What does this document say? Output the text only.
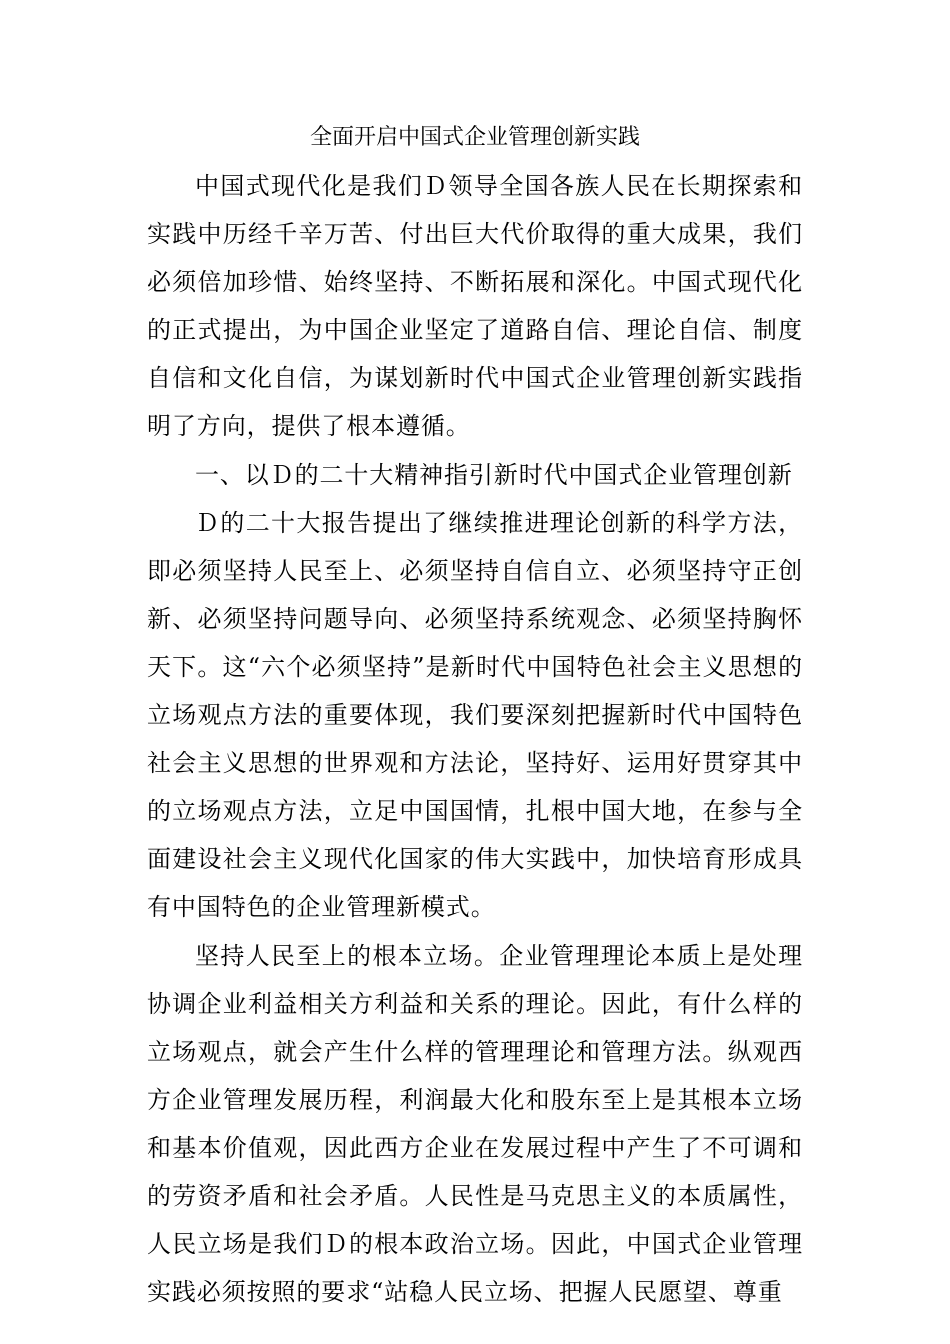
全面开启中国式企业管理创新实践

中国式现代化是我们Ｄ领导全国各族人民在长期探索和实践中历经千辛万苦、付出巨大代价取得的重大成果，我们必须倍加珍惜、始终坚持、不断拓展和深化。中国式现代化的正式提出，为中国企业坚定了道路自信、理论自信、制度自信和文化自信，为谋划新时代中国式企业管理创新实践指明了方向，提供了根本遵循。

一、以Ｄ的二十大精神指引新时代中国式企业管理创新

Ｄ的二十大报告提出了继续推进理论创新的科学方法，即必须坚持人民至上、必须坚持自信自立、必须坚持守正创新、必须坚持问题导向、必须坚持系统观念、必须坚持胸怀天下。这“六个必须坚持”是新时代中国特色社会主义思想的立场观点方法的重要体现，我们要深刻把握新时代中国特色社会主义思想的世界观和方法论，坚持好、运用好贯穿其中的立场观点方法，立足中国国情，扎根中国大地，在参与全面建设社会主义现代化国家的伟大实践中，加快培育形成具有中国特色的企业管理新模式。

坚持人民至上的根本立场。企业管理理论本质上是处理协调企业利益相关方利益和关系的理论。因此，有什么样的立场观点，就会产生什么样的管理理论和管理方法。纵观西方企业管理发展历程，利润最大化和股东至上是其根本立场和基本价值观，因此西方企业在发展过程中产生了不可调和的劳资矛盾和社会矛盾。人民性是马克思主义的本质属性，人民立场是我们Ｄ的根本政治立场。因此，中国式企业管理实践必须按照的要求“站稳人民立场、把握人民愿望、尊重
